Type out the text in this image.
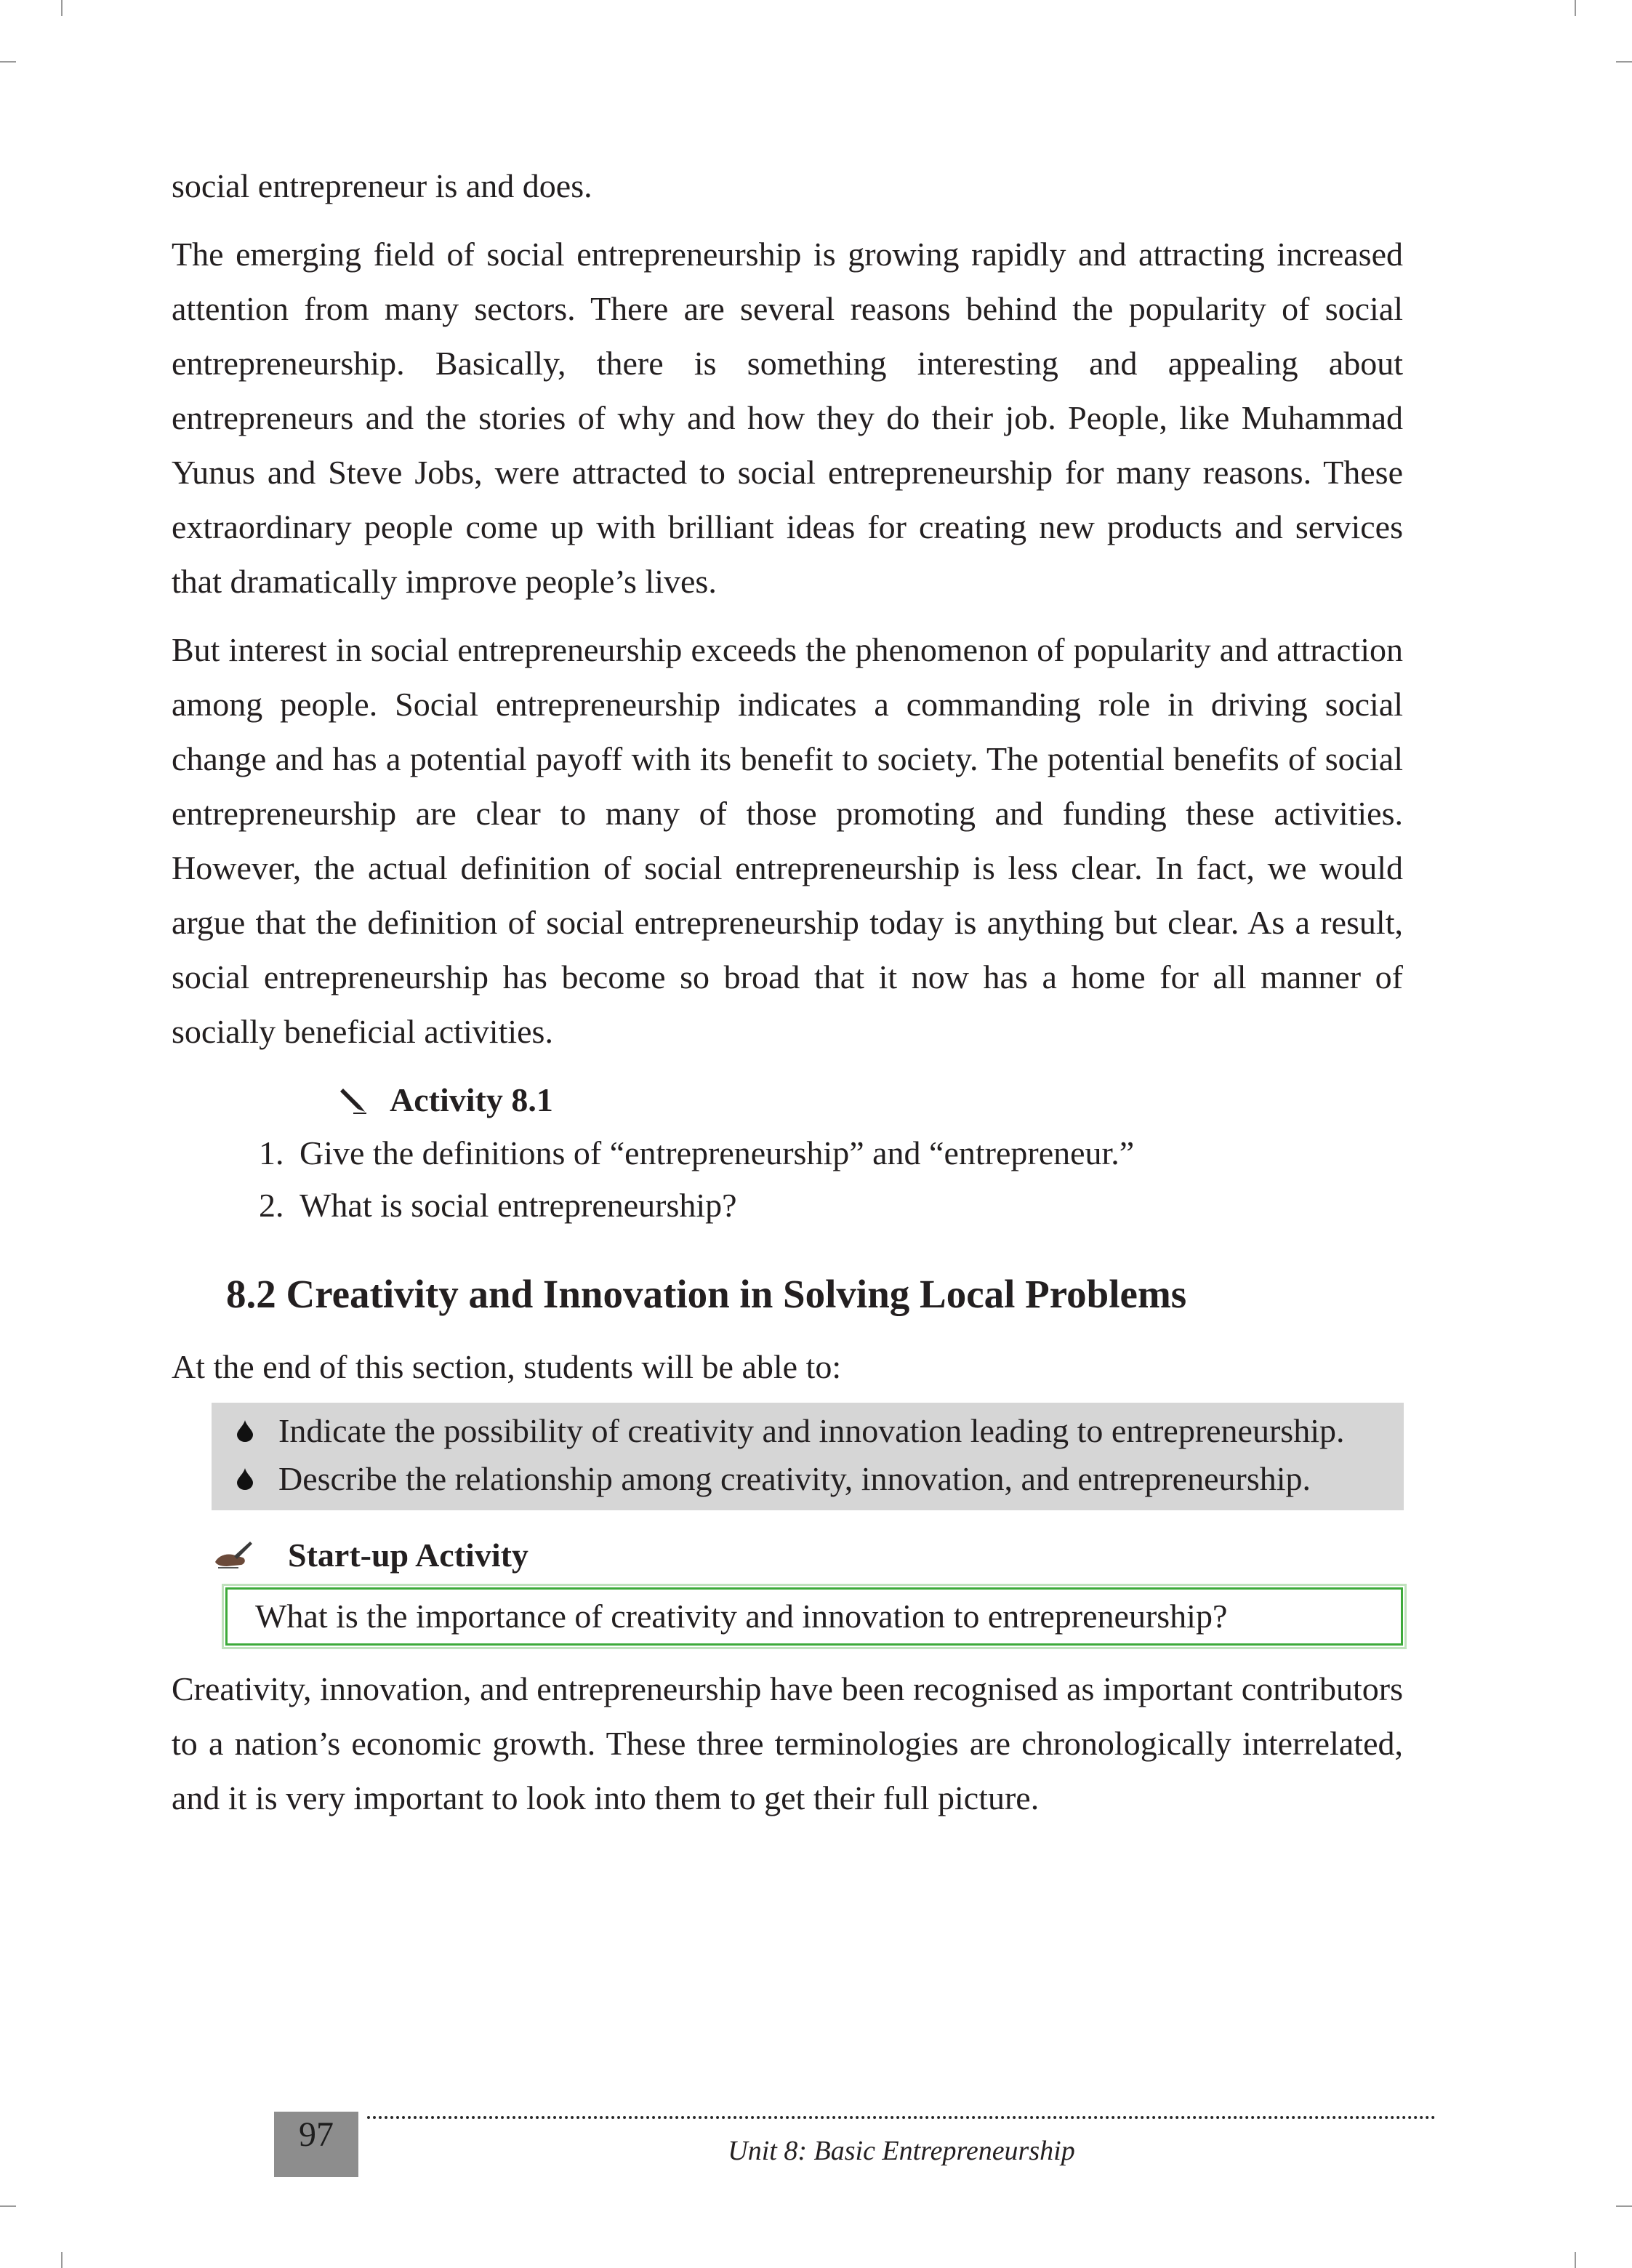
social entrepreneur is and does.

The emerging field of social entrepreneurship is growing rapidly and attracting increased attention from many sectors. There are several reasons behind the popularity of social entrepreneurship. Basically, there is something interesting and appealing about entrepreneurs and the stories of why and how they do their job. People, like Muhammad Yunus and Steve Jobs, were attracted to social entrepreneurship for many reasons. These extraordinary people come up with brilliant ideas for creating new products and services that dramatically improve people’s lives.

But interest in social entrepreneurship exceeds the phenomenon of popularity and attraction among people. Social entrepreneurship indicates a commanding role in driving social change and has a potential payoff with its benefit to society. The potential benefits of social entrepreneurship are clear to many of those promoting and funding these activities. However, the actual definition of social entrepreneurship is less clear. In fact, we would argue that the definition of social entrepreneurship today is anything but clear. As a result, social entrepreneurship has become so broad that it now has a home for all manner of socially beneficial activities.

Activity 8.1
1. Give the definitions of “entrepreneurship” and “entrepreneur.”
2. What is social entrepreneurship?
8.2 Creativity and Innovation in Solving Local Problems

At the end of this section, students will be able to:

Indicate the possibility of creativity and innovation leading to entrepreneurship.
Describe the relationship among creativity, innovation, and entrepreneurship.
Start-up Activity
What is the importance of creativity and innovation to entrepreneurship?

Creativity, innovation, and entrepreneurship have been recognised as important contributors to a nation’s economic growth. These three terminologies are chronologically interrelated, and it is very important to look into them to get their full picture.

97	Unit 8: Basic Entrepreneurship
